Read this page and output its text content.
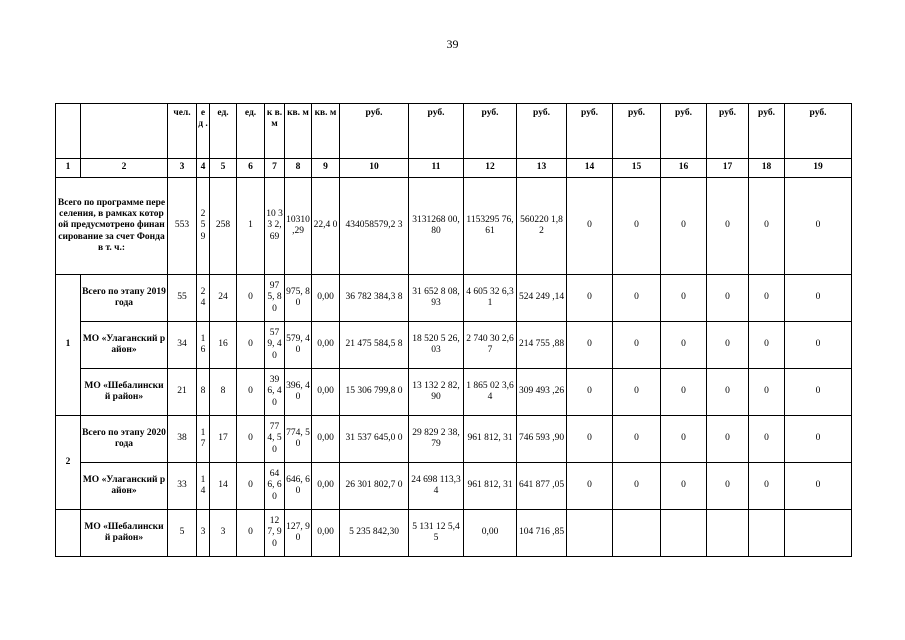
39
		чел.	е д .	ед.	ед.	к в. м	кв. м	кв. м	руб.	руб.	руб.	руб.	руб.	руб.	руб.	руб.	руб.	руб.
1	2	3	4	5	6	7	8	9	10	11	12	13	14	15	16	17	18	19
Всего по программе переселения, в рамках которой предусмотрено финансирование за счет Фонда в т. ч.:		553	2 5 9	258	1	10 33 2, 69	10310 ,29	22,4 0	434058579,2 3	3131268 00,80	1153295 76,61	560220 1,82	0	0	0	0	0	0
1	Всего по этапу 2019 года	55	2 4	24	0	97 5, 80	975, 80	0,00	36 782 384,3 8	31 652 8 08,93	4 605 32 6,31	524 249 ,14	0	0	0	0	0	0
	МО «Улаганский район»	34	1 6	16	0	57 9, 40	579, 40	0,00	21 475 584,5 8	18 520 5 26,03	2 740 30 2,67	214 755 ,88	0	0	0	0	0	0
	МО «Шебалинский район»	21	8	8	0	39 6, 40	396, 40	0,00	15 306 799,8 0	13 132 2 82,90	1 865 02 3,64	309 493 ,26	0	0	0	0	0	0
2	Всего по этапу 2020 года	38	1 7	17	0	77 4, 50	774, 50	0,00	31 537 645,0 0	29 829 2 38,79	961 812, 31	746 593 ,90	0	0	0	0	0	0
	МО «Улаганский район»	33	1 4	14	0	64 6, 60	646, 60	0,00	26 301 802,7 0	24 698 113,34	961 812, 31	641 877 ,05	0	0	0	0	0	0
	МО «Шебалинский район»	5	3	3	0	12 7, 90	127, 90	0,00	5 235 842,30	5 131 12 5,45	0,00	104 716 ,85						
